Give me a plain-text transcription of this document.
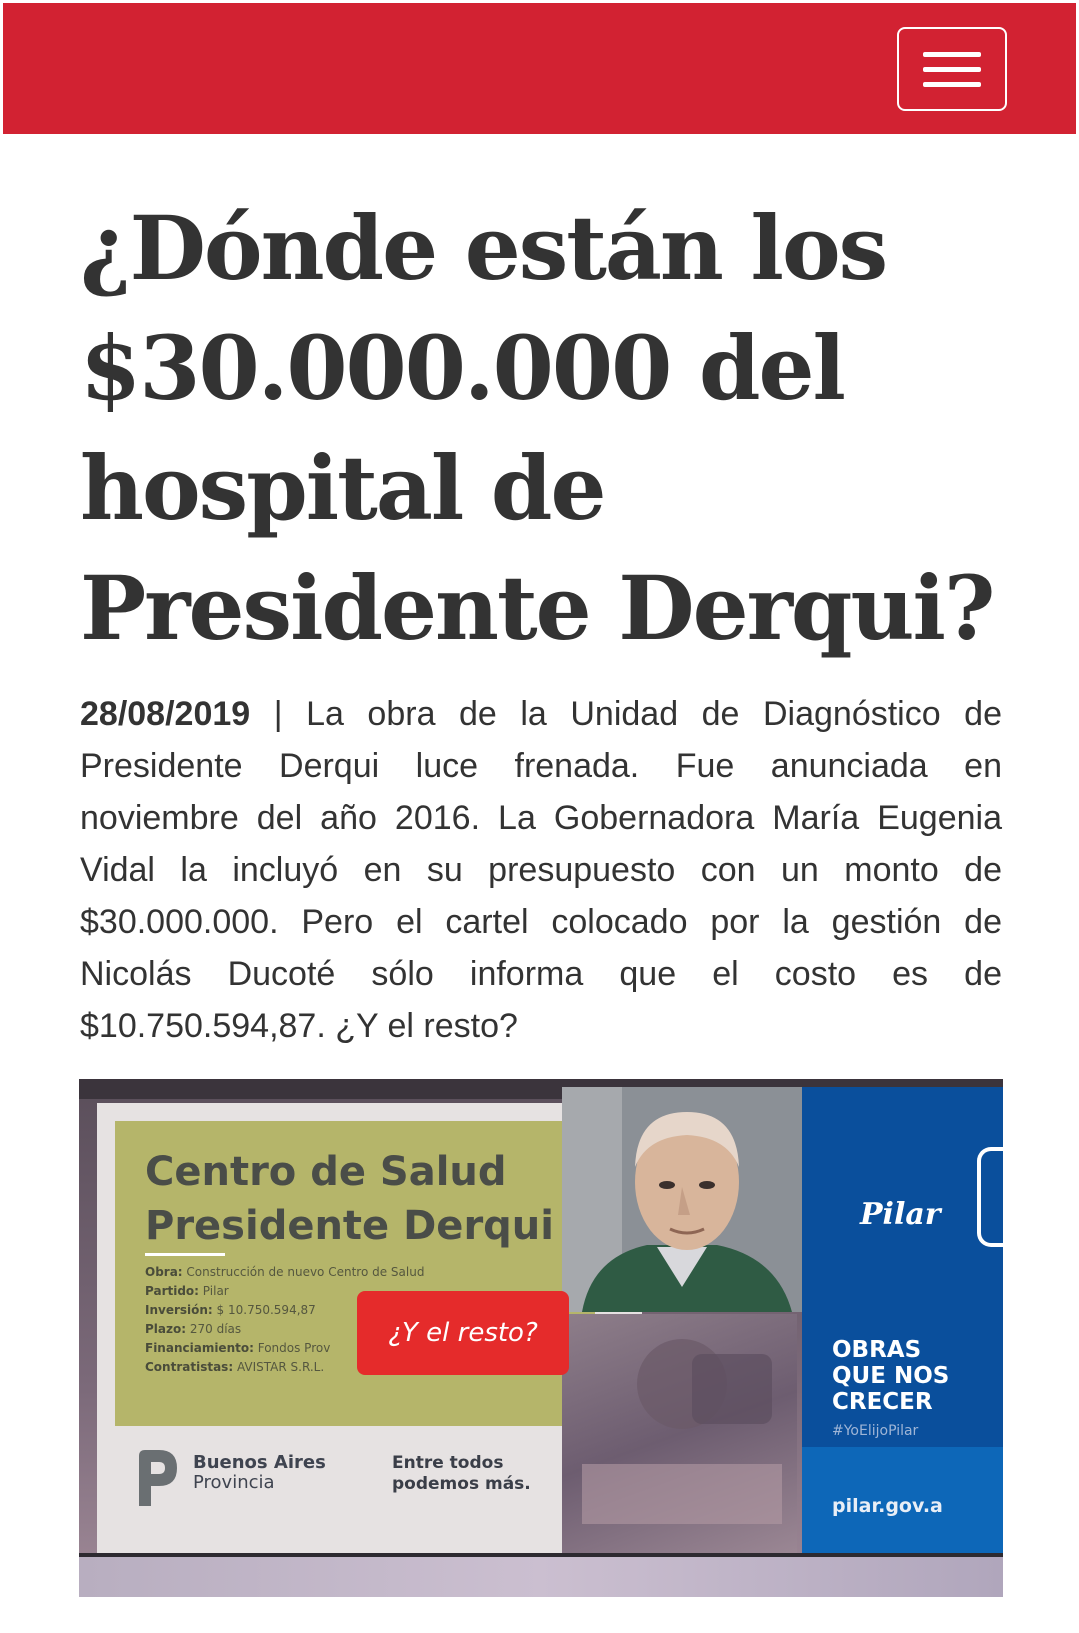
¿Dónde están los $30.000.000 del hospital de Presidente Derqui?

28/08/2019 | La obra de la Unidad de Diagnóstico de Presidente Derqui luce frenada. Fue anunciada en noviembre del año 2016. La Gobernadora María Eugenia Vidal la incluyó en su presupuesto con un monto de $30.000.000. Pero el cartel colocado por la gestión de Nicolás Ducoté sólo informa que el costo es de $10.750.594,87. ¿Y el resto?

Centro de Salud
Presidente Derqui
Obra: Construcción de nuevo Centro de Salud
Partido: Pilar
Inversión: $ 10.750.594,87
Plazo: 270 días
Financiamiento: Fondos Prov
Contratistas: AVISTAR S.R.L.
Buenos Aires
Provincia
Entre todos
podemos más.
Pilar
OBRAS
QUE NOS
CRECER
#YoElijoPilar
pilar.gov.a
¿Y el resto?
